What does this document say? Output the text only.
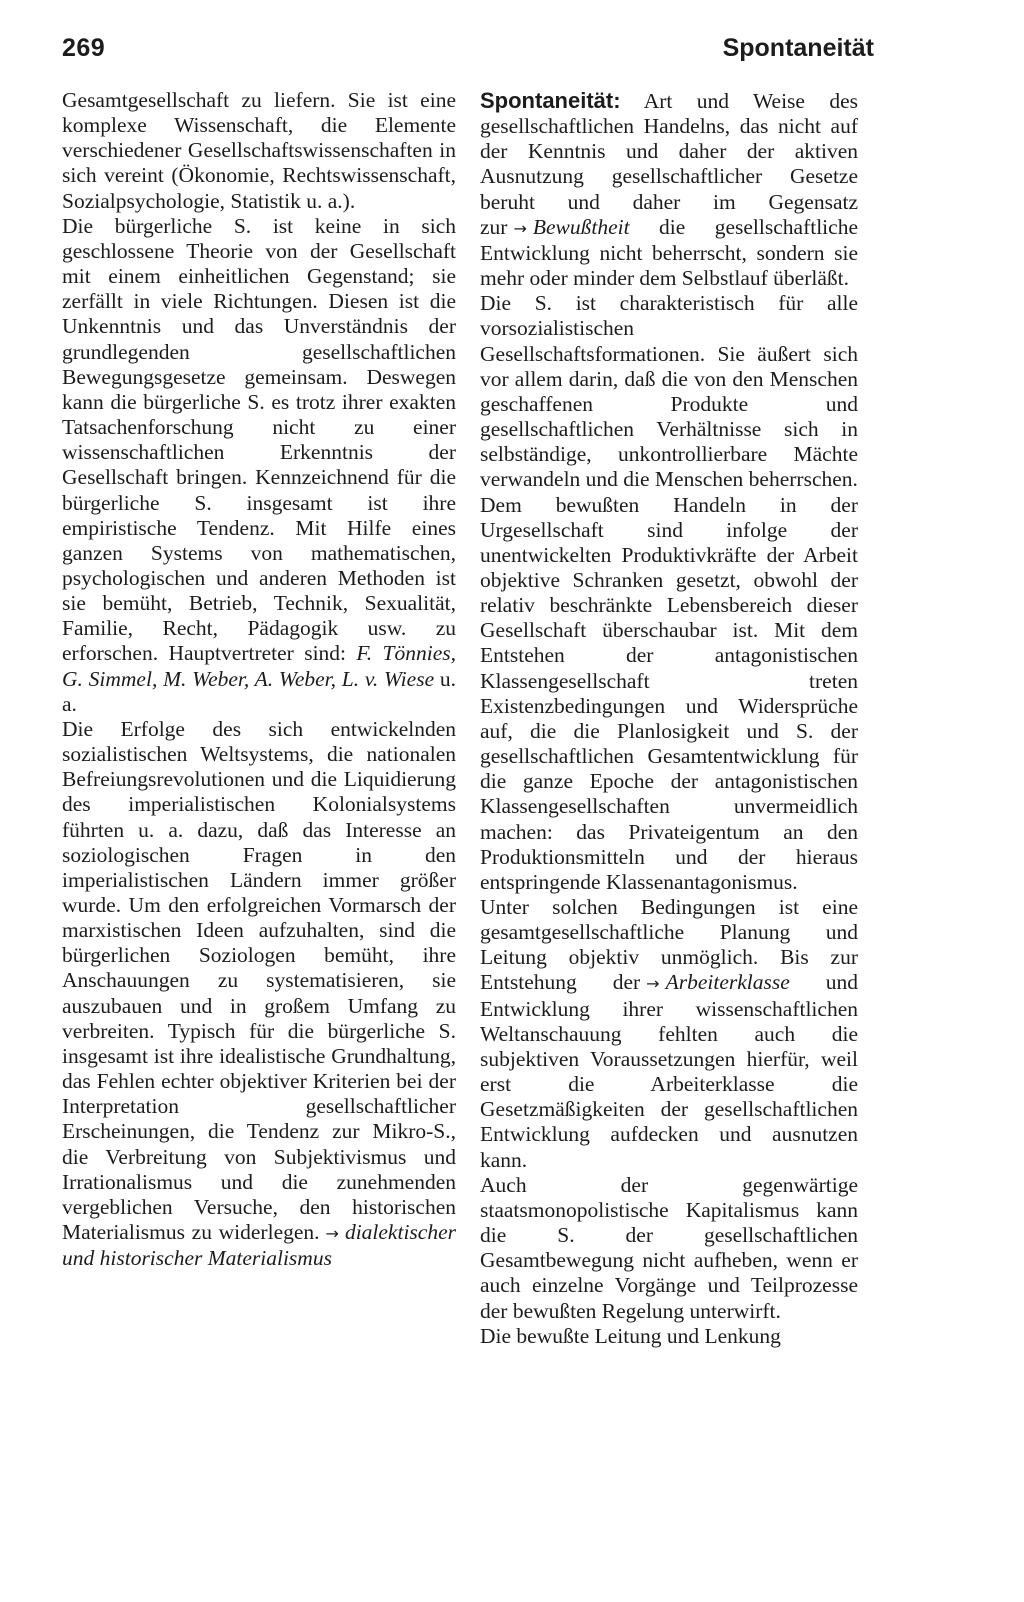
269	Spontaneität

Gesamtgesellschaft zu liefern. Sie ist eine komplexe Wissenschaft, die Elemente verschiedener Gesellschaftswissenschaften in sich vereint (Ökonomie, Rechtswissenschaft, Sozialpsychologie, Statistik u. a.).

Die bürgerliche S. ist keine in sich geschlossene Theorie von der Gesellschaft mit einem einheitlichen Gegenstand; sie zerfällt in viele Richtungen. Diesen ist die Unkenntnis und das Unverständnis der grundlegenden gesellschaftlichen Bewegungsgesetze gemeinsam. Deswegen kann die bürgerliche S. es trotz ihrer exakten Tatsachenforschung nicht zu einer wissenschaftlichen Erkenntnis der Gesellschaft bringen. Kennzeichnend für die bürgerliche S. insgesamt ist ihre empiristische Tendenz. Mit Hilfe eines ganzen Systems von mathematischen, psychologischen und anderen Methoden ist sie bemüht, Betrieb, Technik, Sexualität, Familie, Recht, Pädagogik usw. zu erforschen. Hauptvertreter sind: F. Tönnies, G. Simmel, M. Weber, A. Weber, L. v. Wiese u. a.

Die Erfolge des sich entwickelnden sozialistischen Weltsystems, die nationalen Befreiungsrevolutionen und die Liquidierung des imperialistischen Kolonialsystems führten u. a. dazu, daß das Interesse an soziologischen Fragen in den imperialistischen Ländern immer größer wurde. Um den erfolgreichen Vormarsch der marxistischen Ideen aufzuhalten, sind die bürgerlichen Soziologen bemüht, ihre Anschauungen zu systematisieren, sie auszubauen und in großem Umfang zu verbreiten. Typisch für die bürgerliche S. insgesamt ist ihre idealistische Grundhaltung, das Fehlen echter objektiver Kriterien bei der Interpretation gesellschaftlicher Erscheinungen, die Tendenz zur Mikro-S., die Verbreitung von Subjektivismus und Irrationalismus und die zunehmenden vergeblichen Versuche, den historischen Materialismus zu widerlegen. → dialektischer und historischer Materialismus

Spontaneität: Art und Weise des gesellschaftlichen Handelns, das nicht auf der Kenntnis und daher der aktiven Ausnutzung gesellschaftlicher Gesetze beruht und daher im Gegensatz zur → Bewußtheit die gesellschaftliche Entwicklung nicht beherrscht, sondern sie mehr oder minder dem Selbstlauf überläßt.

Die S. ist charakteristisch für alle vorsozialistischen Gesellschaftsformationen. Sie äußert sich vor allem darin, daß die von den Menschen geschaffenen Produkte und gesellschaftlichen Verhältnisse sich in selbständige, unkontrollierbare Mächte verwandeln und die Menschen beherrschen.

Dem bewußten Handeln in der Urgesellschaft sind infolge der unentwickelten Produktivkräfte der Arbeit objektive Schranken gesetzt, obwohl der relativ beschränkte Lebensbereich dieser Gesellschaft überschaubar ist. Mit dem Entstehen der antagonistischen Klassengesellschaft treten Existenzbedingungen und Widersprüche auf, die die Planlosigkeit und S. der gesellschaftlichen Gesamtentwicklung für die ganze Epoche der antagonistischen Klassengesellschaften unvermeidlich machen: das Privateigentum an den Produktionsmitteln und der hieraus entspringende Klassenantagonismus.

Unter solchen Bedingungen ist eine gesamtgesellschaftliche Planung und Leitung objektiv unmöglich. Bis zur Entstehung der → Arbeiterklasse und Entwicklung ihrer wissenschaftlichen Weltanschauung fehlten auch die subjektiven Voraussetzungen hierfür, weil erst die Arbeiterklasse die Gesetzmäßigkeiten der gesellschaftlichen Entwicklung aufdecken und ausnutzen kann.

Auch der gegenwärtige staatsmonopolistische Kapitalismus kann die S. der gesellschaftlichen Gesamtbewegung nicht aufheben, wenn er auch einzelne Vorgänge und Teilprozesse der bewußten Regelung unterwirft.

Die bewußte Leitung und Lenkung
